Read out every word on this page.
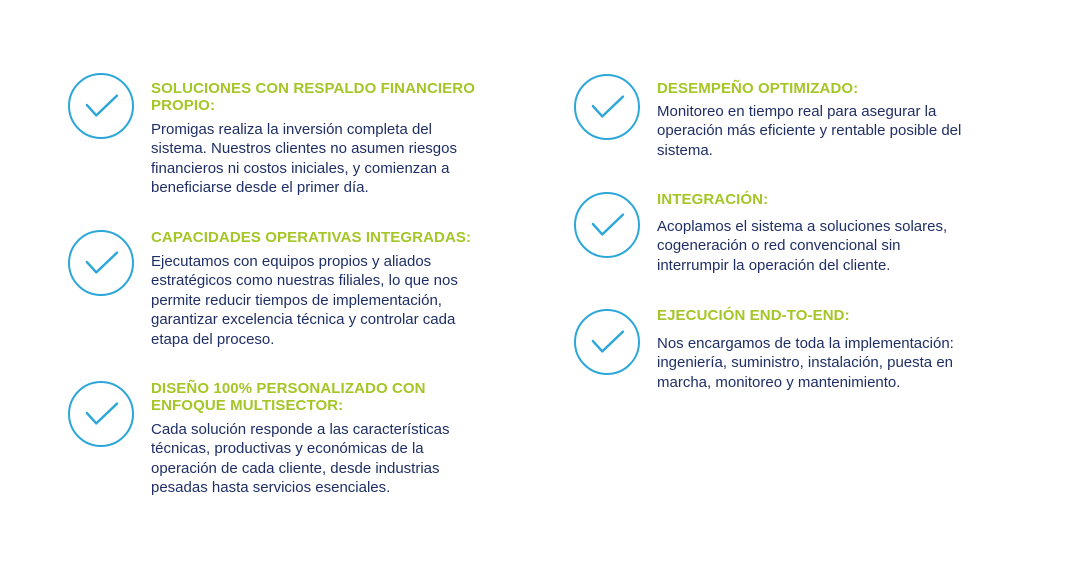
SOLUCIONES CON RESPALDO FINANCIERO PROPIO:
Promigas realiza la inversión completa del sistema. Nuestros clientes no asumen riesgos financieros ni costos iniciales, y comienzan a beneficiarse desde el primer día.
CAPACIDADES OPERATIVAS INTEGRADAS:
Ejecutamos con equipos propios y aliados estratégicos como nuestras filiales, lo que nos permite reducir tiempos de implementación, garantizar excelencia técnica y controlar cada etapa del proceso.
DISEÑO 100% PERSONALIZADO CON ENFOQUE MULTISECTOR:
Cada solución responde a las características técnicas, productivas y económicas de la operación de cada cliente, desde industrias pesadas hasta servicios esenciales.
DESEMPEÑO OPTIMIZADO:
Monitoreo en tiempo real para asegurar la operación más eficiente y rentable posible del sistema.
INTEGRACIÓN:
Acoplamos el sistema a soluciones solares, cogeneración o red convencional sin interrumpir la operación del cliente.
EJECUCIÓN END-TO-END:
Nos encargamos de toda la implementación: ingeniería, suministro, instalación, puesta en marcha, monitoreo y mantenimiento.
